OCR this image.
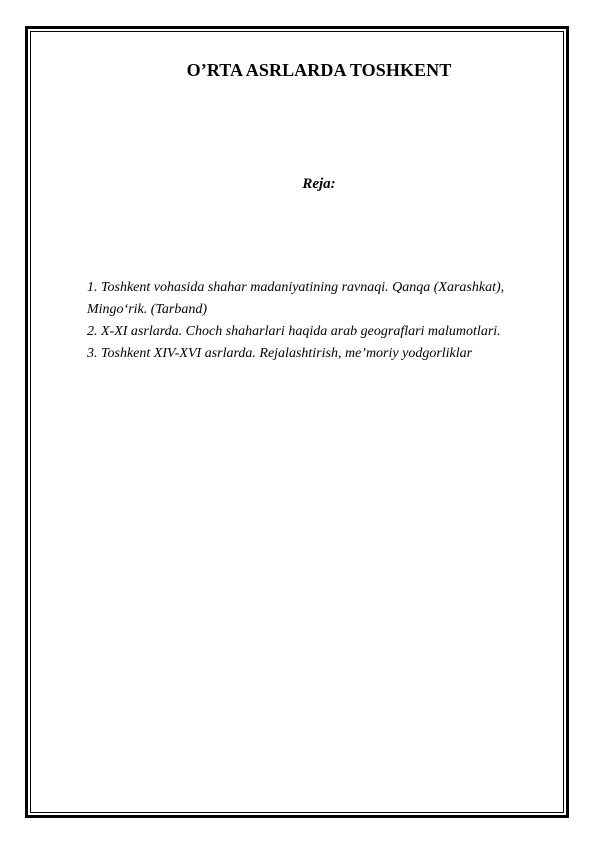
O’RTA ASRLARDA TOSHKENT
Reja:
1. Toshkent vohasida shahar madaniyatining ravnaqi. Qanqa (Xarashkat), Mingo‘rik. (Tarband)
2. X-XI asrlarda. Choch shaharlari haqida arab geograflari malumotlari.
3. Toshkent XIV-XVI asrlarda. Rejalashtirish, me’moriy yodgorliklar
